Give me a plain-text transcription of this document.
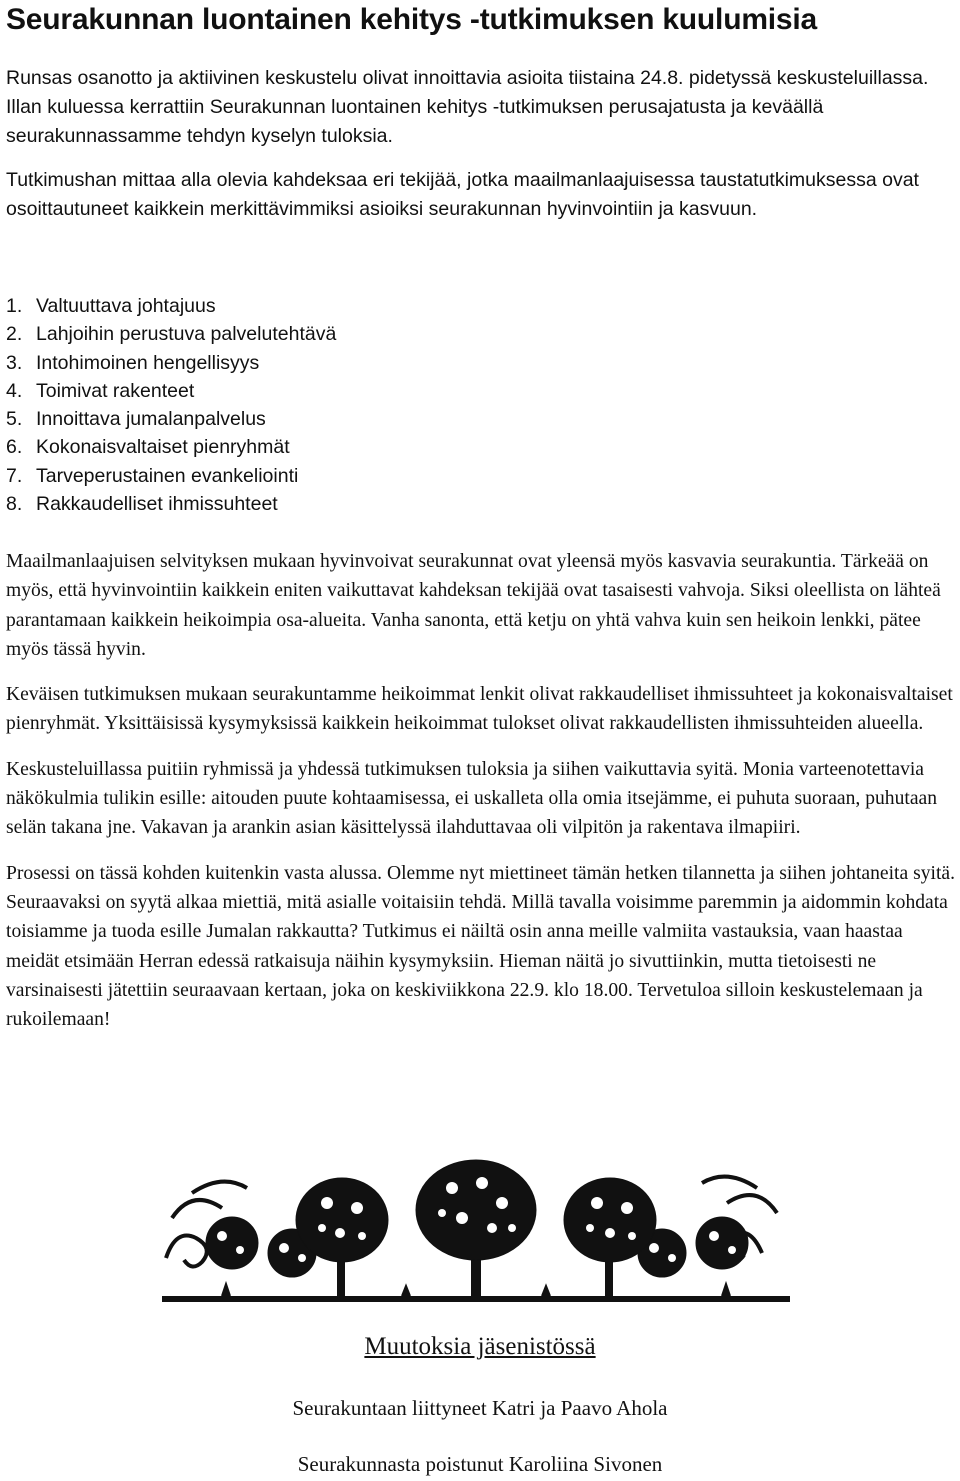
Seurakunnan luontainen kehitys -tutkimuksen kuulumisia

Runsas osanotto ja aktiivinen keskustelu olivat innoittavia asioita tiistaina 24.8. pidetyssä keskusteluillassa. Illan kuluessa kerrattiin Seurakunnan luontainen kehitys -tutkimuksen perusajatusta ja keväällä seurakunnassamme tehdyn kyselyn tuloksia.

Tutkimushan mittaa alla olevia kahdeksaa eri tekijää, jotka maailmanlaajuisessa taustatutkimuksessa ovat osoittautuneet kaikkein merkittävimmiksi asioiksi seurakunnan hyvinvointiin ja kasvuun.

1. Valtuuttava johtajuus
2. Lahjoihin perustuva palvelutehtävä
3. Intohimoinen hengellisyys
4. Toimivat rakenteet
5. Innoittava jumalanpalvelus
6. Kokonaisvaltaiset pienryhmät
7. Tarveperustainen evankeliointi
8. Rakkaudelliset ihmissuhteet

Maailmanlaajuisen selvityksen mukaan hyvinvoivat seurakunnat ovat yleensä myös kasvavia seurakuntia. Tärkeää on myös, että hyvinvointiin kaikkein eniten vaikuttavat kahdeksan tekijää ovat tasaisesti vahvoja. Siksi oleellista on lähteä parantamaan kaikkein heikoimpia osa-alueita. Vanha sanonta, että ketju on yhtä vahva kuin sen heikoin lenkki, pätee myös tässä hyvin.

Keväisen tutkimuksen mukaan seurakuntamme heikoimmat lenkit olivat rakkaudelliset ihmissuhteet ja kokonaisvaltaiset pienryhmät. Yksittäisissä kysymyksissä kaikkein heikoimmat tulokset olivat rakkaudellisten ihmissuhteiden alueella.

Keskusteluillassa puitiin ryhmissä ja yhdessä tutkimuksen tuloksia ja siihen vaikuttavia syitä. Monia varteenotettavia näkökulmia tulikin esille: aitouden puute kohtaamisessa, ei uskalleta olla omia itsejämme, ei puhuta suoraan, puhutaan selän takana jne. Vakavan ja arankin asian käsittelyssä ilahduttavaa oli vilpitön ja rakentava ilmapiiri.

Prosessi on tässä kohden kuitenkin vasta alussa. Olemme nyt miettineet tämän hetken tilannetta ja siihen johtaneita syitä. Seuraavaksi on syytä alkaa miettiä, mitä asialle voitaisiin tehdä. Millä tavalla voisimme paremmin ja aidommin kohdata toisiamme ja tuoda esille Jumalan rakkautta? Tutkimus ei näiltä osin anna meille valmiita vastauksia, vaan haastaa meidät etsimään Herran edessä ratkaisuja näihin kysymyksiin. Hieman näitä jo sivuttiinkin, mutta tietoisesti ne varsinaisesti jätettiin seuraavaan kertaan, joka on keskiviikkona 22.9. klo 18.00. Tervetuloa silloin keskustelemaan ja rukoilemaan!

Muutoksia jäsenistössä
Seurakuntaan liittyneet Katri ja Paavo Ahola
Seurakunnasta poistunut Karoliina Sivonen
